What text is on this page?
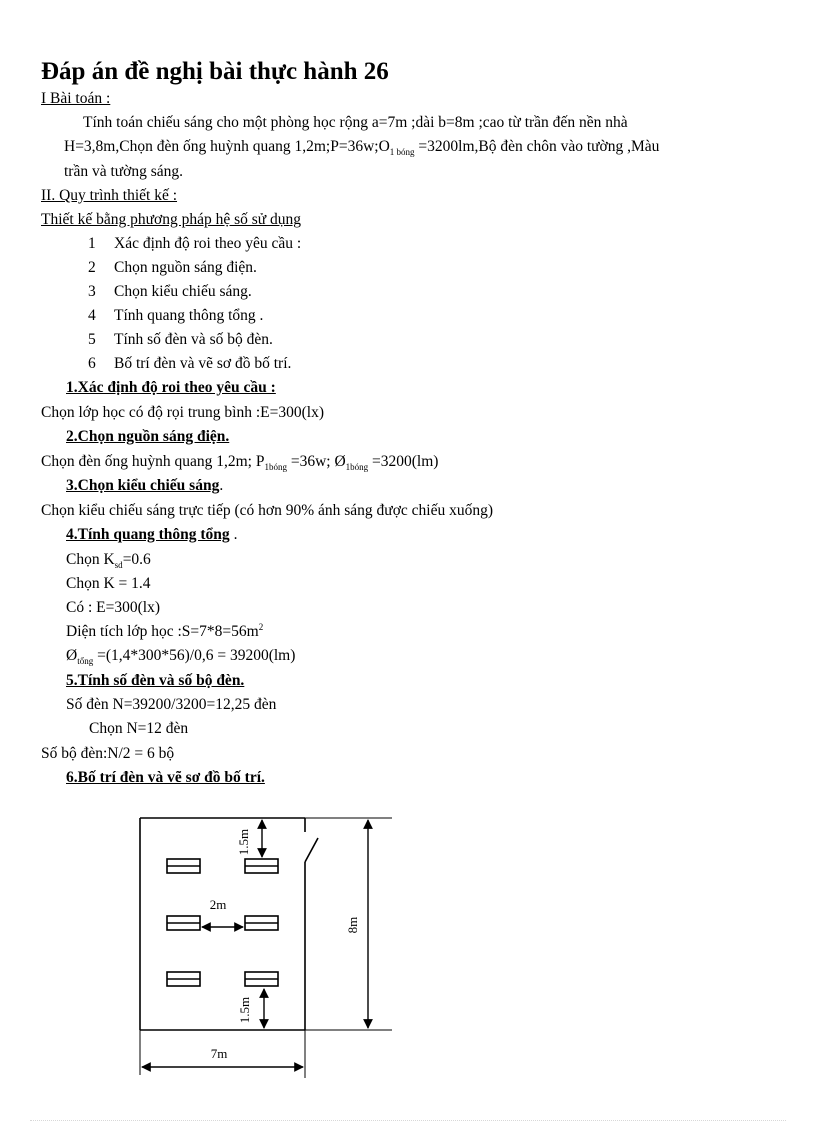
Đáp án đề nghị bài thực hành 26
I Bài toán :
Tính toán chiếu sáng cho một phòng học rộng a=7m ;dài b=8m ;cao từ trần đến nền nhà
H=3,8m,Chọn đèn ống huỳnh quang $1,2m;P=36w;O_{1 bóng}$ =3200lm,Bộ đèn chôn vào tường ,Màu
trần và tường sáng.
II. Quy trình thiết kế :
Thiết kế bằng phương pháp hệ số sử dụng
1 Xác định độ roi theo yêu cầu :
2 Chọn nguồn sáng điện.
3 Chọn kiểu chiếu sáng.
4 Tính quang thông tổng .
5 Tính số đèn và số bộ đèn.
6 Bố trí đèn và vẽ sơ đồ bố trí.
1.Xác định độ roi theo yêu cầu :
Chọn lớp học có độ rọi trung bình :E=300(lx)
2.Chọn nguồn sáng điện.
Chọn đèn ống huỳnh quang 1,2m; $P_{1bóng} =36w$; $Ø_{1bóng} =3200(lm)$
3.Chọn kiểu chiếu sáng.
Chọn kiểu chiếu sáng trực tiếp (có hơn 90% ánh sáng được chiếu xuống)
4.Tính quang thông tổng .
Chọn $K_{sd}=0.6$
Chọn K = 1.4
Có : E=300(lx)
Diện tích lớp học $:S=7*8=56m^2$
$Ø_{tổng} =(1,4*300*56)/0,6 = 39200(lm)$
5.Tính số đèn và số bộ đèn.
Số đèn N=39200/3200=12,25 đèn
Chọn N=12 đèn
Số bộ đèn:N/2 = 6 bộ
6.Bố trí đèn và vẽ sơ đồ bố trí.
1.5m
2m
1.5m
8m
7m
